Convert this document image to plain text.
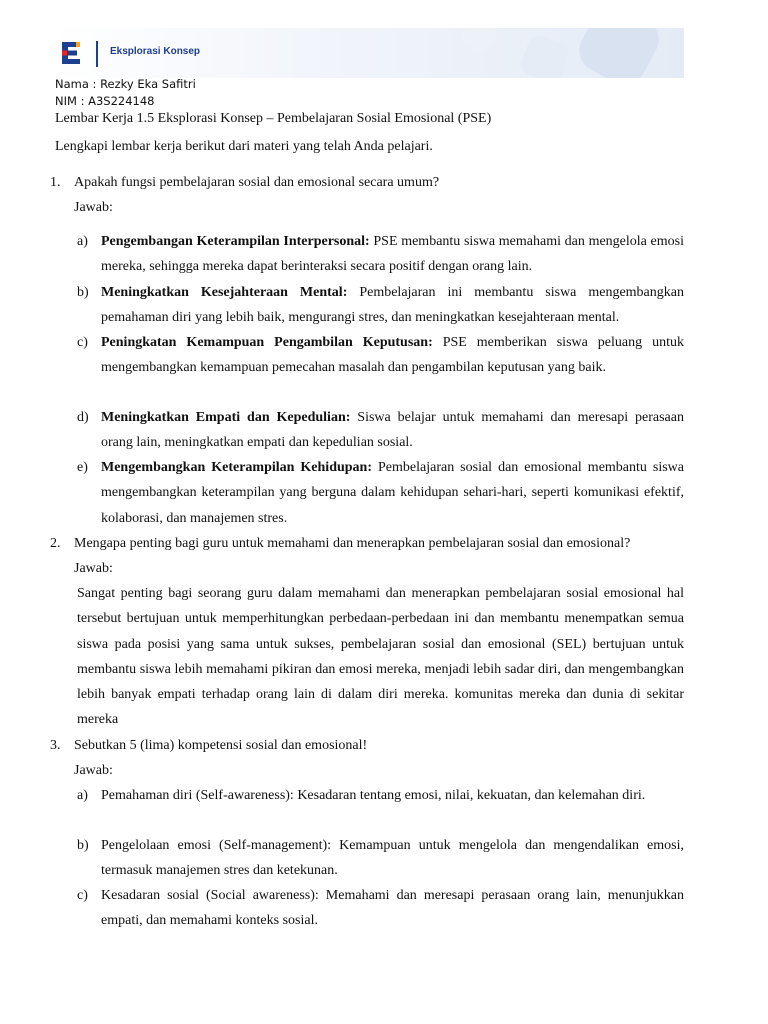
Eksplorasi Konsep
Nama : Rezky Eka Safitri
NIM : A3S224148
Lembar Kerja 1.5 Eksplorasi Konsep – Pembelajaran Sosial Emosional (PSE)
Lengkapi lembar kerja berikut dari materi yang telah Anda pelajari.
1. Apakah fungsi pembelajaran sosial dan emosional secara umum?
Jawab:
a) Pengembangan Keterampilan Interpersonal: PSE membantu siswa memahami dan mengelola emosi mereka, sehingga mereka dapat berinteraksi secara positif dengan orang lain.
b) Meningkatkan Kesejahteraan Mental: Pembelajaran ini membantu siswa mengembangkan pemahaman diri yang lebih baik, mengurangi stres, dan meningkatkan kesejahteraan mental.
c) Peningkatan Kemampuan Pengambilan Keputusan: PSE memberikan siswa peluang untuk mengembangkan kemampuan pemecahan masalah dan pengambilan keputusan yang baik.
d) Meningkatkan Empati dan Kepedulian: Siswa belajar untuk memahami dan meresapi perasaan orang lain, meningkatkan empati dan kepedulian sosial.
e) Mengembangkan Keterampilan Kehidupan: Pembelajaran sosial dan emosional membantu siswa mengembangkan keterampilan yang berguna dalam kehidupan sehari-hari, seperti komunikasi efektif, kolaborasi, dan manajemen stres.
2. Mengapa penting bagi guru untuk memahami dan menerapkan pembelajaran sosial dan emosional?
Jawab:
Sangat penting bagi seorang guru dalam memahami dan menerapkan pembelajaran sosial emosional hal tersebut bertujuan untuk memperhitungkan perbedaan-perbedaan ini dan membantu menempatkan semua siswa pada posisi yang sama untuk sukses, pembelajaran sosial dan emosional (SEL) bertujuan untuk membantu siswa lebih memahami pikiran dan emosi mereka, menjadi lebih sadar diri, dan mengembangkan lebih banyak empati terhadap orang lain di dalam diri mereka. komunitas mereka dan dunia di sekitar mereka
3. Sebutkan 5 (lima) kompetensi sosial dan emosional!
Jawab:
a) Pemahaman diri (Self-awareness): Kesadaran tentang emosi, nilai, kekuatan, dan kelemahan diri.
b) Pengelolaan emosi (Self-management): Kemampuan untuk mengelola dan mengendalikan emosi, termasuk manajemen stres dan ketekunan.
c) Kesadaran sosial (Social awareness): Memahami dan meresapi perasaan orang lain, menunjukkan empati, dan memahami konteks sosial.
